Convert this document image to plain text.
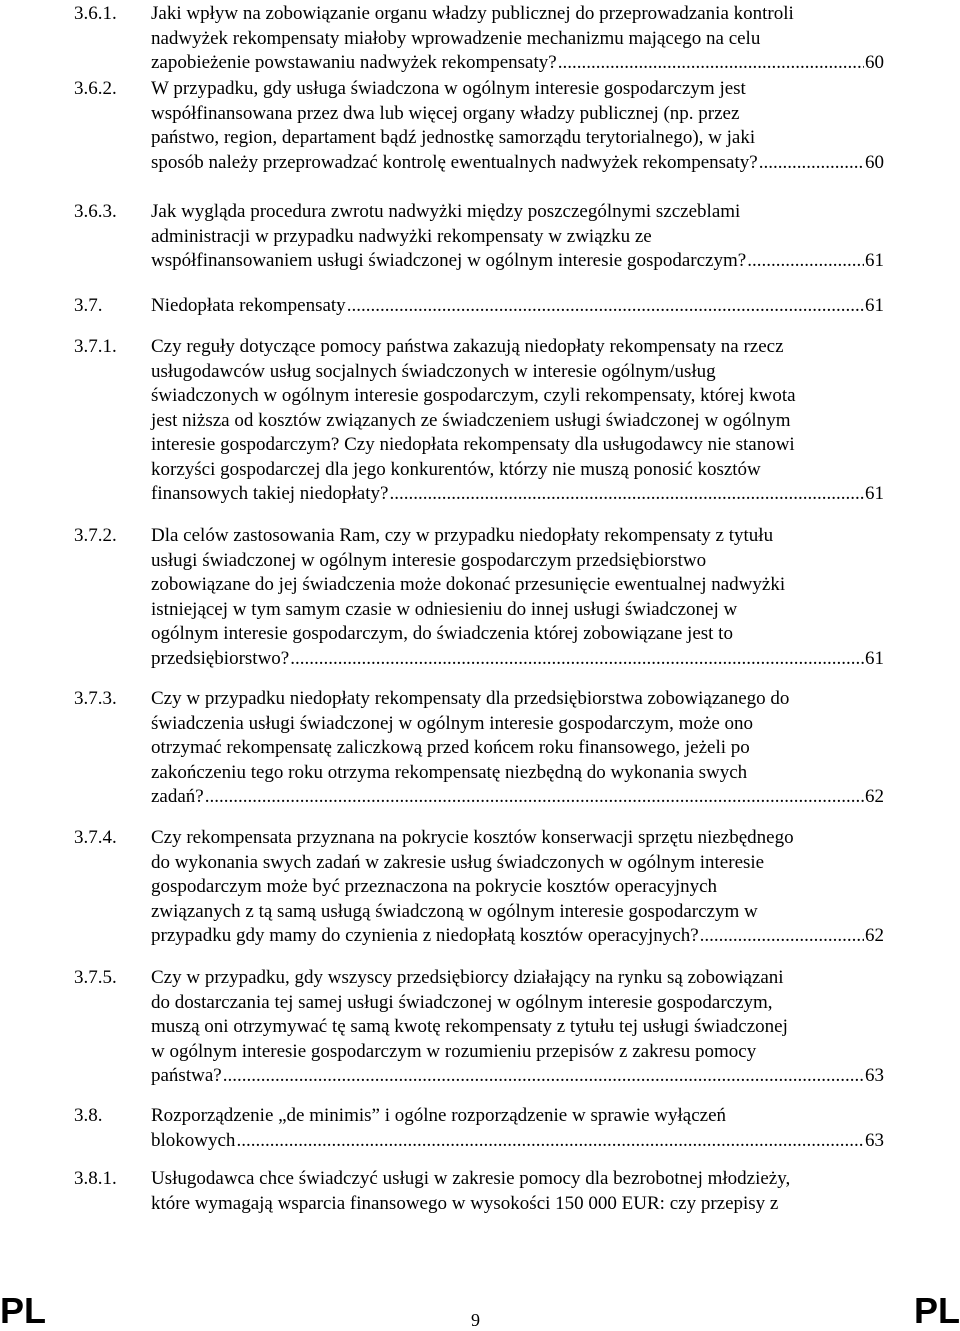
3.6.1.	Jaki wpływ na zobowiązanie organu władzy publicznej do przeprowadzania kontroli
nadwyżek rekompensaty miałoby wprowadzenie mechanizmu mającego na celu
zapobieżenie powstawaniu nadwyżek rekompensaty? .....	60
3.6.2.	W przypadku, gdy usługa świadczona w ogólnym interesie gospodarczym jest
współfinansowana przez dwa lub więcej organy władzy publicznej (np. przez
państwo, region, departament bądź jednostkę samorządu terytorialnego), w jaki
sposób należy przeprowadzać kontrolę ewentualnych nadwyżek rekompensaty? .....	60
3.6.3.	Jak wygląda procedura zwrotu nadwyżki między poszczególnymi szczeblami
administracji w przypadku nadwyżki rekompensaty w związku ze
współfinansowaniem usługi świadczonej w ogólnym interesie gospodarczym? .....	61
3.7.	Niedopłata rekompensaty .....	61
3.7.1.	Czy reguły dotyczące pomocy państwa zakazują niedopłaty rekompensaty na rzecz
usługodawców usług socjalnych świadczonych w interesie ogólnym/usług
świadczonych w ogólnym interesie gospodarczym, czyli rekompensaty, której kwota
jest niższa od kosztów związanych ze świadczeniem usługi świadczonej w ogólnym
interesie gospodarczym? Czy niedopłata rekompensaty dla usługodawcy nie stanowi
korzyści gospodarczej dla jego konkurentów, którzy nie muszą ponosić kosztów
finansowych takiej niedopłaty? .....	61
3.7.2.	Dla celów zastosowania Ram, czy w przypadku niedopłaty rekompensaty z tytułu
usługi świadczonej w ogólnym interesie gospodarczym przedsiębiorstwo
zobowiązane do jej świadczenia może dokonać przesunięcie ewentualnej nadwyżki
istniejącej w tym samym czasie w odniesieniu do innej usługi świadczonej w
ogólnym interesie gospodarczym, do świadczenia której zobowiązane jest to
przedsiębiorstwo? .....	61
3.7.3.	Czy w przypadku niedopłaty rekompensaty dla przedsiębiorstwa zobowiązanego do
świadczenia usługi świadczonej w ogólnym interesie gospodarczym, może ono
otrzymać rekompensatę zaliczkową przed końcem roku finansowego, jeżeli po
zakończeniu tego roku otrzyma rekompensatę niezbędną do wykonania swych
zadań? .....	62
3.7.4.	Czy rekompensata przyznana na pokrycie kosztów konserwacji sprzętu niezbędnego
do wykonania swych zadań w zakresie usług świadczonych w ogólnym interesie
gospodarczym może być przeznaczona na pokrycie kosztów operacyjnych
związanych z tą samą usługą świadczoną w ogólnym interesie gospodarczym w
przypadku gdy mamy do czynienia z niedopłatą kosztów operacyjnych? .....	62
3.7.5.	Czy w przypadku, gdy wszyscy przedsiębiorcy działający na rynku są zobowiązani
do dostarczania tej samej usługi świadczonej w ogólnym interesie gospodarczym,
muszą oni otrzymywać tę samą kwotę rekompensaty z tytułu tej usługi świadczonej
w ogólnym interesie gospodarczym w rozumieniu przepisów z zakresu pomocy
państwa? .....	63
3.8.	Rozporządzenie „de minimis” i ogólne rozporządzenie w sprawie wyłączeń
blokowych .....	63
3.8.1.	Usługodawca chce świadczyć usługi w zakresie pomocy dla bezrobotnej młodzieży,
które wymagają wsparcia finansowego w wysokości 150 000 EUR: czy przepisy z
PL	9	PL
